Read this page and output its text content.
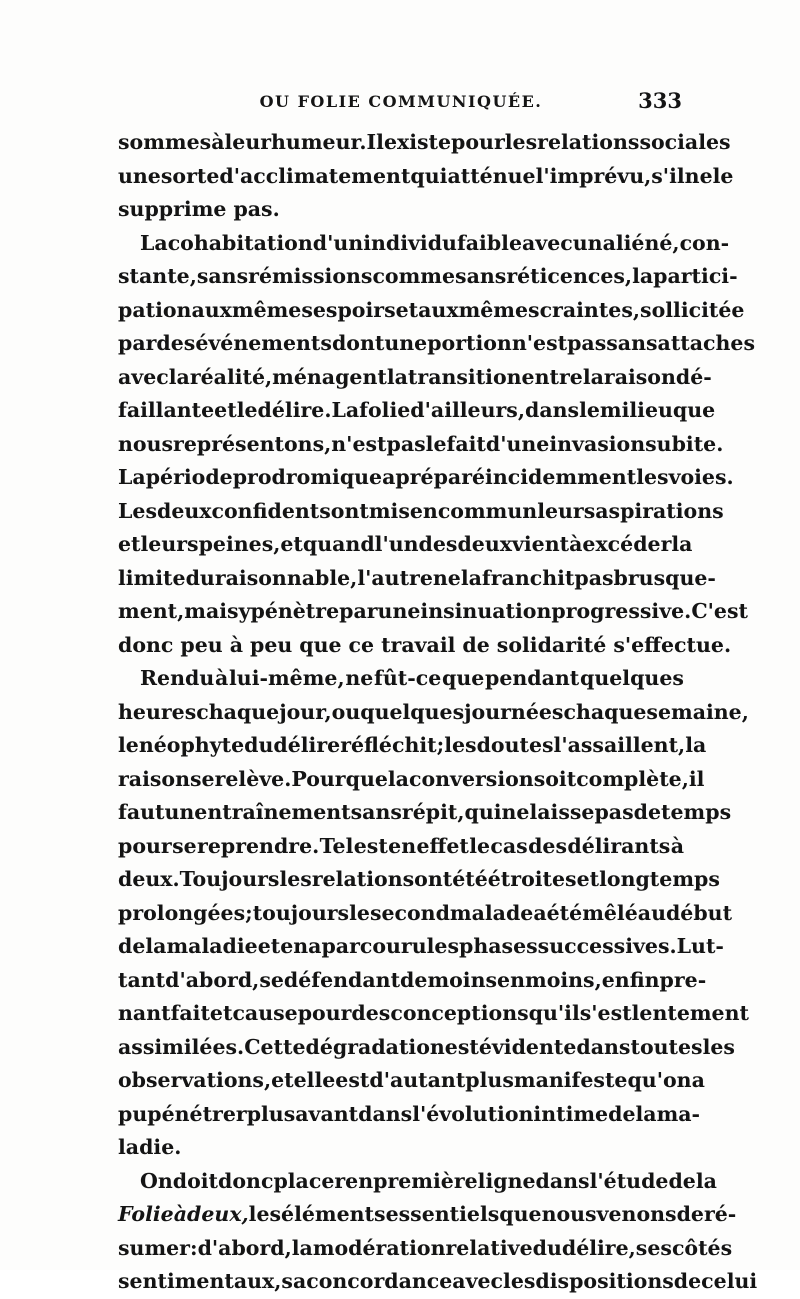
OU FOLIE COMMUNIQUÉE.	333
sommes à leur humeur. Il existe pour les relations sociales
une sorte d'acclimatement qui atténue l'imprévu, s'il ne le
supprime pas.
La cohabitation d'un individu faible avec un aliéné, con-
stante, sans rémissions comme sans réticences, la partici-
pation aux mêmes espoirs et aux mêmes craintes, sollicitée
par des événements dont une portion n'est pas sans attaches
avec la réalité, ménagent la transition entre la raison dé-
faillante et le délire. La folie d'ailleurs, dans le milieu que
nous représentons, n'est pas le fait d'une invasion subite.
La période prodromique a préparé incidemment les voies.
Les deux confidents ont mis en commun leurs aspirations
et leurs peines, et quand l'un des deux vient à excéder la
limite du raisonnable, l'autre ne la franchit pas brusque-
ment, mais y pénètre par une insinuation progressive. C'est
donc peu à peu que ce travail de solidarité s'effectue.
Rendu à lui-même, ne fût-ce que pendant quelques
heures chaque jour, ou quelques journées chaque semaine,
le néophyte du délire réfléchit; les doutes l'assaillent, la
raison se relève. Pour que la conversion soit complète, il
faut un entraînement sans répit, qui ne laisse pas de temps
pour se reprendre. Tel est en effet le cas des délirants à
deux. Toujours les relations ont été étroites et longtemps
prolongées; toujours le second malade a été mêlé au début
de la maladie et en a parcouru les phases successives. Lut-
tant d'abord, se défendant de moins en moins, enfin pre-
nant fait et cause pour des conceptions qu'il s'est lentement
assimilées. Cette dégradation est évidente dans toutes les
observations, et elle est d'autant plus manifeste qu'on a
pu pénétrer plus avant dans l'évolution intime de la ma-
ladie.
On doit donc placer en première ligne dans l'étude de la
Folie à deux, les éléments essentiels que nous venons de ré-
sumer : d'abord, la modération relative du délire, ses côtés
sentimentaux, sa concordance avec les dispositions de celui
